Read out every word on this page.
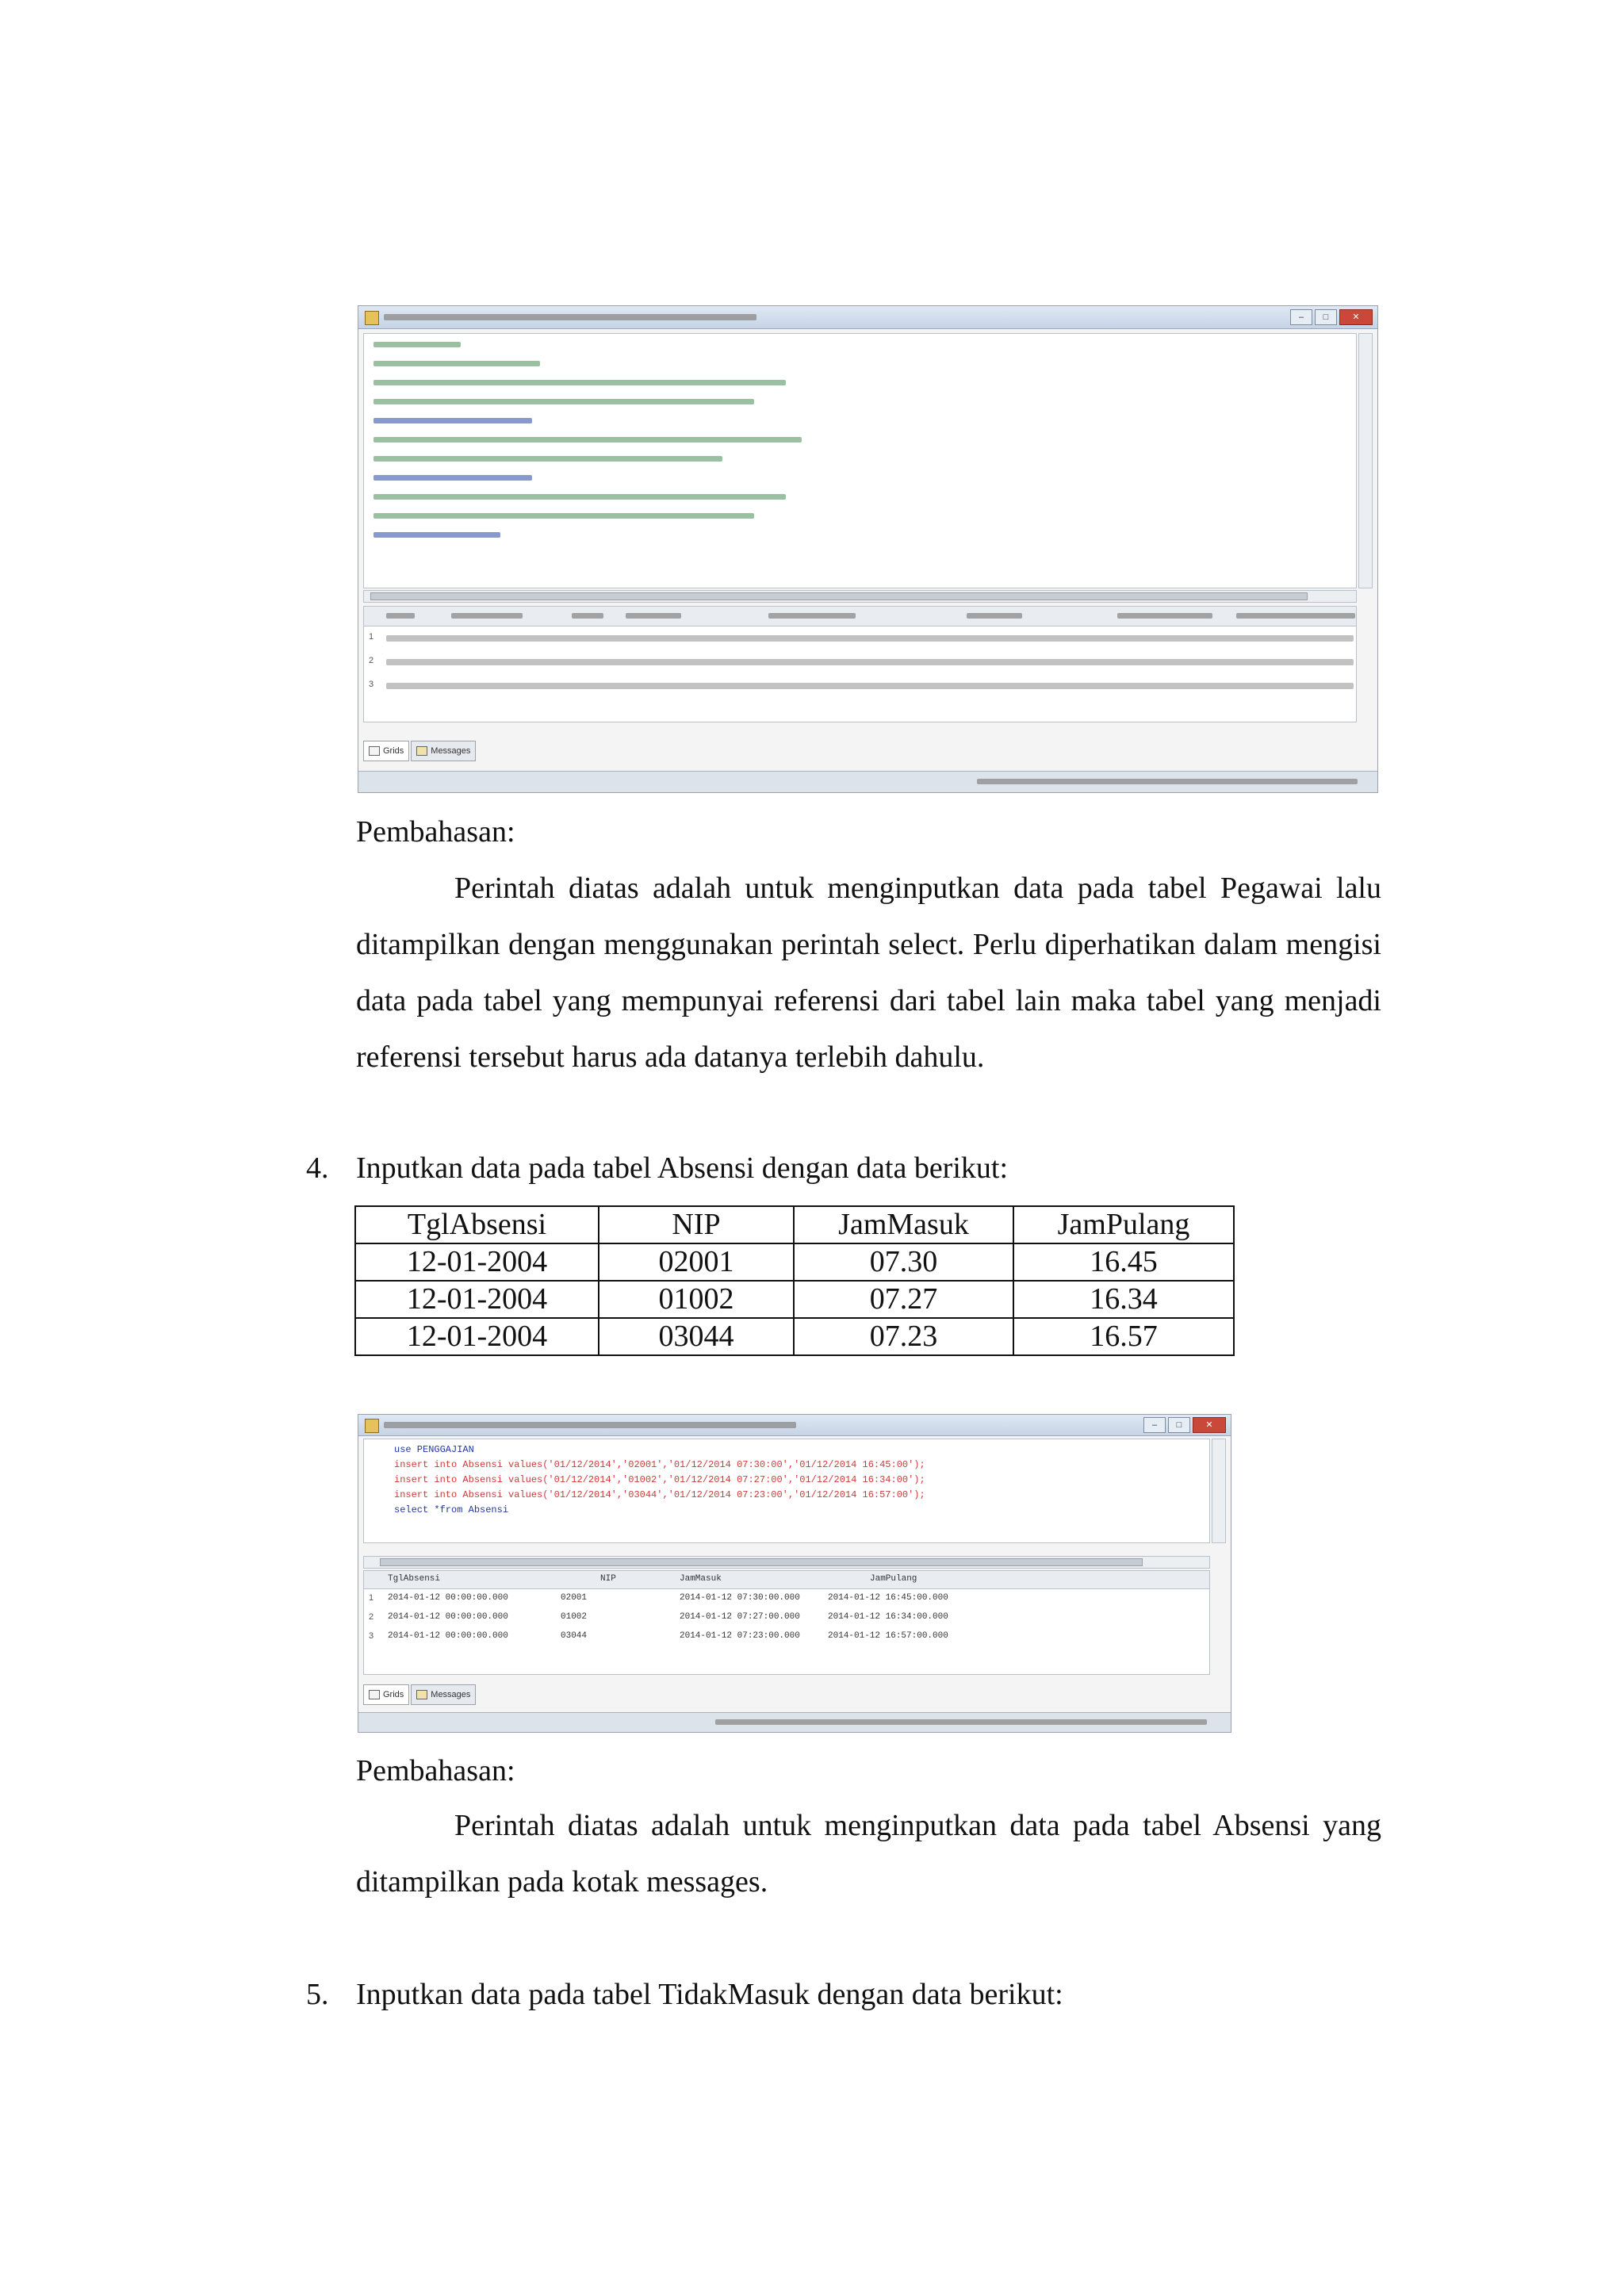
–	□	✕
1
2
3
Grids	Messages
Pembahasan:
Perintah diatas adalah untuk menginputkan data pada tabel Pegawai lalu ditampilkan dengan menggunakan perintah select. Perlu diperhatikan dalam mengisi data pada tabel yang mempunyai referensi dari tabel lain maka tabel yang menjadi referensi tersebut harus ada datanya terlebih dahulu.
4. Inputkan data pada tabel Absensi dengan data berikut:
TglAbsensi	NIP	JamMasuk	JamPulang
12-01-2004	02001	07.30	16.45
12-01-2004	01002	07.27	16.34
12-01-2004	03044	07.23	16.57
–	□	✕
use PENGGAJIAN
insert into Absensi values('01/12/2014','02001','01/12/2014 07:30:00','01/12/2014 16:45:00');
insert into Absensi values('01/12/2014','01002','01/12/2014 07:27:00','01/12/2014 16:34:00');
insert into Absensi values('01/12/2014','03044','01/12/2014 07:23:00','01/12/2014 16:57:00');
select *from Absensi
TglAbsensi	NIP	JamMasuk	JamPulang
1	2014-01-12 00:00:00.000	02001	2014-01-12 07:30:00.000	2014-01-12 16:45:00.000
2	2014-01-12 00:00:00.000	01002	2014-01-12 07:27:00.000	2014-01-12 16:34:00.000
3	2014-01-12 00:00:00.000	03044	2014-01-12 07:23:00.000	2014-01-12 16:57:00.000
Grids	Messages
Pembahasan:
Perintah diatas adalah untuk menginputkan data pada tabel Absensi yang ditampilkan pada kotak messages.
5. Inputkan data pada tabel TidakMasuk dengan data berikut:
